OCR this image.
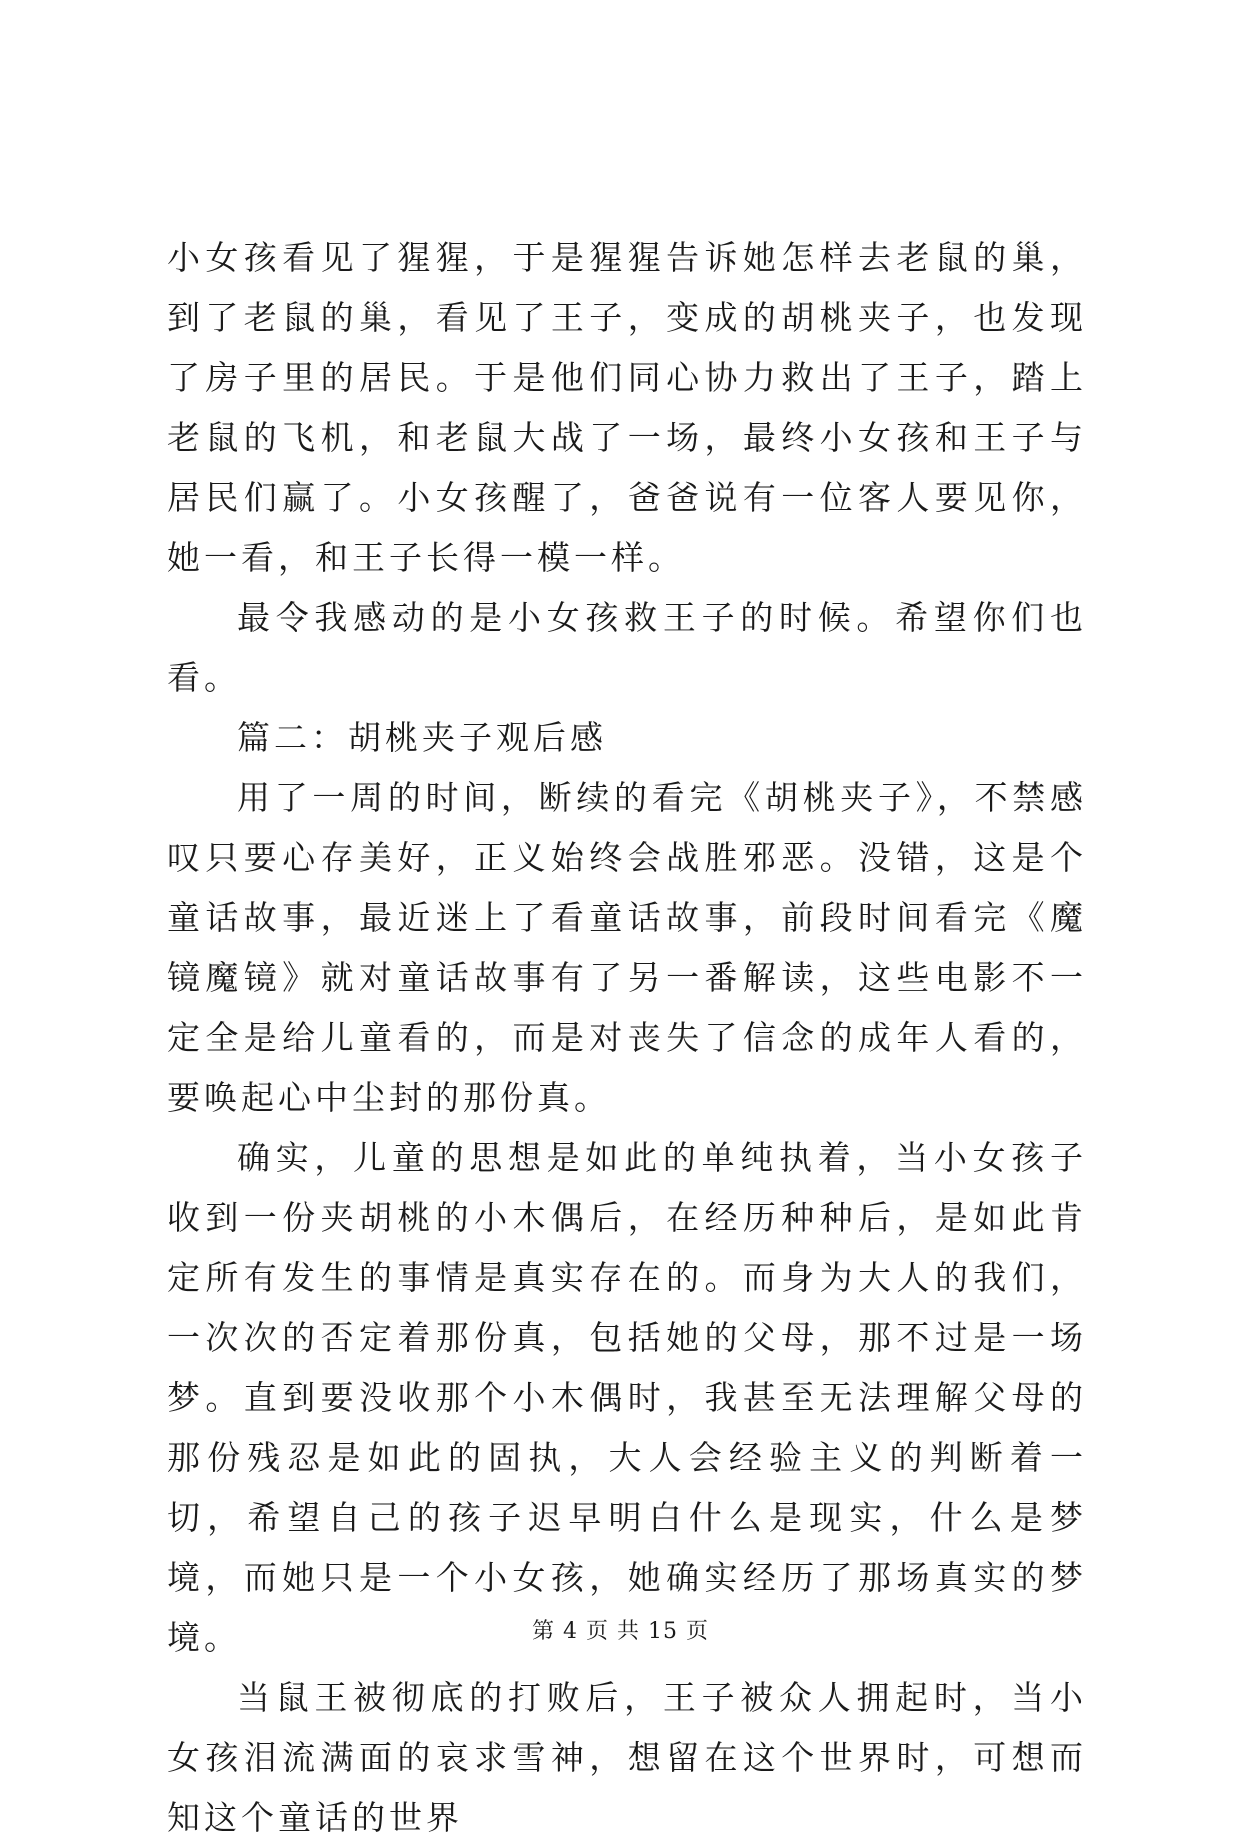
小女孩看见了猩猩，于是猩猩告诉她怎样去老鼠的巢，到了老鼠的巢，看见了王子，变成的胡桃夹子，也发现了房子里的居民。于是他们同心协力救出了王子，踏上老鼠的飞机，和老鼠大战了一场，最终小女孩和王子与居民们赢了。小女孩醒了，爸爸说有一位客人要见你，她一看，和王子长得一模一样。

最令我感动的是小女孩救王子的时候。希望你们也看。

篇二：胡桃夹子观后感

用了一周的时间，断续的看完《胡桃夹子》，不禁感叹只要心存美好，正义始终会战胜邪恶。没错，这是个童话故事，最近迷上了看童话故事，前段时间看完《魔镜魔镜》就对童话故事有了另一番解读，这些电影不一定全是给儿童看的，而是对丧失了信念的成年人看的，要唤起心中尘封的那份真。

确实，儿童的思想是如此的单纯执着，当小女孩子收到一份夹胡桃的小木偶后，在经历种种后，是如此肯定所有发生的事情是真实存在的。而身为大人的我们，一次次的否定着那份真，包括她的父母，那不过是一场梦。直到要没收那个小木偶时，我甚至无法理解父母的那份残忍是如此的固执，大人会经验主义的判断着一切，希望自己的孩子迟早明白什么是现实，什么是梦境，而她只是一个小女孩，她确实经历了那场真实的梦境。

当鼠王被彻底的打败后，王子被众人拥起时，当小女孩泪流满面的哀求雪神，想留在这个世界时，可想而知这个童话的世界

第 4 页 共 15 页
